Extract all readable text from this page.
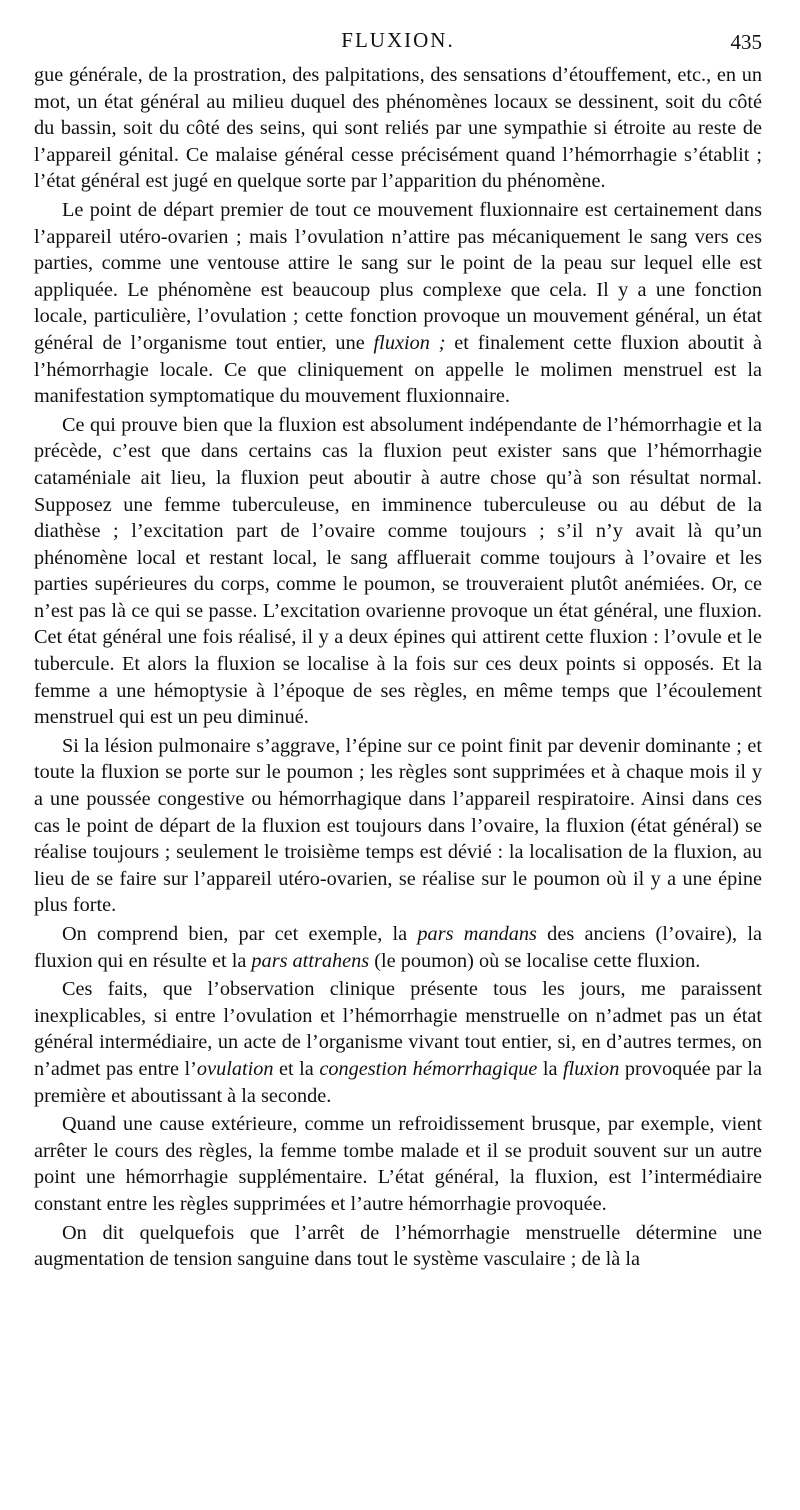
FLUXION.	435

gue générale, de la prostration, des palpitations, des sensations d’étouffement, etc., en un mot, un état général au milieu duquel des phénomènes locaux se dessinent, soit du côté du bassin, soit du côté des seins, qui sont reliés par une sympathie si étroite au reste de l’appareil génital. Ce malaise général cesse précisément quand l’hémorrhagie s’établit ; l’état général est jugé en quelque sorte par l’apparition du phénomène.

Le point de départ premier de tout ce mouvement fluxionnaire est certainement dans l’appareil utéro-ovarien ; mais l’ovulation n’attire pas mécaniquement le sang vers ces parties, comme une ventouse attire le sang sur le point de la peau sur lequel elle est appliquée. Le phénomène est beaucoup plus complexe que cela. Il y a une fonction locale, particulière, l’ovulation ; cette fonction provoque un mouvement général, un état général de l’organisme tout entier, une fluxion ; et finalement cette fluxion aboutit à l’hémorrhagie locale. Ce que cliniquement on appelle le molimen menstruel est la manifestation symptomatique du mouvement fluxionnaire.

Ce qui prouve bien que la fluxion est absolument indépendante de l’hémorrhagie et la précède, c’est que dans certains cas la fluxion peut exister sans que l’hémorrhagie cataméniale ait lieu, la fluxion peut aboutir à autre chose qu’à son résultat normal. Supposez une femme tuberculeuse, en imminence tuberculeuse ou au début de la diathèse ; l’excitation part de l’ovaire comme toujours ; s’il n’y avait là qu’un phénomène local et restant local, le sang affluerait comme toujours à l’ovaire et les parties supérieures du corps, comme le poumon, se trouveraient plutôt anémiées. Or, ce n’est pas là ce qui se passe. L’excitation ovarienne provoque un état général, une fluxion. Cet état général une fois réalisé, il y a deux épines qui attirent cette fluxion : l’ovule et le tubercule. Et alors la fluxion se localise à la fois sur ces deux points si opposés. Et la femme a une hémoptysie à l’époque de ses règles, en même temps que l’écoulement menstruel qui est un peu diminué.

Si la lésion pulmonaire s’aggrave, l’épine sur ce point finit par devenir dominante ; et toute la fluxion se porte sur le poumon ; les règles sont supprimées et à chaque mois il y a une poussée congestive ou hémorrhagique dans l’appareil respiratoire. Ainsi dans ces cas le point de départ de la fluxion est toujours dans l’ovaire, la fluxion (état général) se réalise toujours ; seulement le troisième temps est dévié : la localisation de la fluxion, au lieu de se faire sur l’appareil utéro-ovarien, se réalise sur le poumon où il y a une épine plus forte.

On comprend bien, par cet exemple, la pars mandans des anciens (l’ovaire), la fluxion qui en résulte et la pars attrahens (le poumon) où se localise cette fluxion.

Ces faits, que l’observation clinique présente tous les jours, me paraissent inexplicables, si entre l’ovulation et l’hémorrhagie menstruelle on n’admet pas un état général intermédiaire, un acte de l’organisme vivant tout entier, si, en d’autres termes, on n’admet pas entre l’ovulation et la congestion hémorrhagique la fluxion provoquée par la première et aboutissant à la seconde.

Quand une cause extérieure, comme un refroidissement brusque, par exemple, vient arrêter le cours des règles, la femme tombe malade et il se produit souvent sur un autre point une hémorrhagie supplémentaire. L’état général, la fluxion, est l’intermédiaire constant entre les règles supprimées et l’autre hémorrhagie provoquée.

On dit quelquefois que l’arrêt de l’hémorrhagie menstruelle détermine une augmentation de tension sanguine dans tout le système vasculaire ; de là la
